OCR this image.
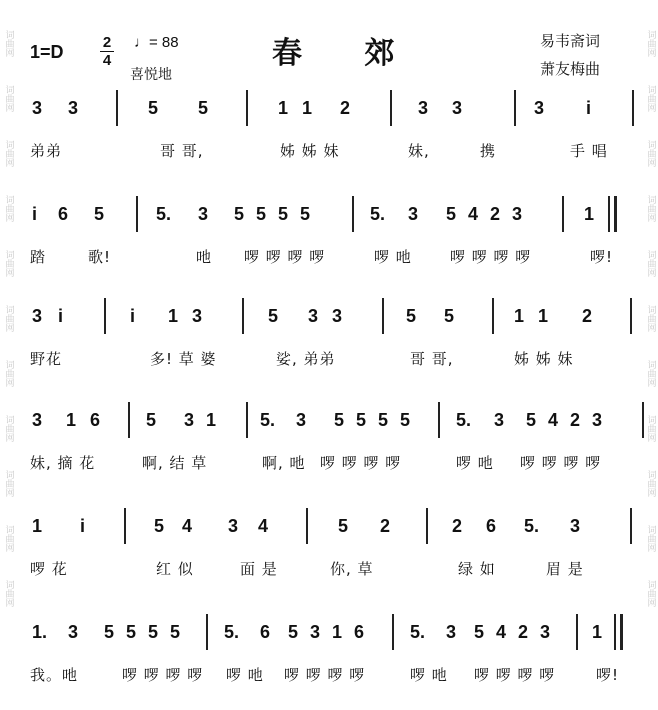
词曲网
词曲网
词曲网
词曲网
词曲网
词曲网
词曲网
词曲网
词曲网
词曲网
词曲网
词曲网
词曲网
词曲网
词曲网
词曲网
词曲网
词曲网
词曲网
词曲网
词曲网
词曲网
1=D	2
4
♩= 88
喜悦地
春 郊	易韦斋词
萧友梅曲
3 3	5 5	1 1 2	3 3	3 i
弟弟	哥 哥,	姊 姊 妹	妹,	携	手 唱
i 6 5	5. 3 5 5 5 5	5. 3 5 4 2 3	1
踏	歌!	吔 啰 啰 啰 啰	啰 吔	啰 啰 啰 啰	啰!
3 i	i 1 3	5 3 3	5 5	1 1 2
野花	多! 草 婆	娑, 弟弟	哥 哥,	姊 姊 妹
3 1 6	5 3 1 5. 3 5 5 5 5	5. 3 5 4 2 3
妹, 摘 花	啊, 结 草	啊, 吔 啰 啰 啰 啰	啰 吔 啰 啰 啰 啰
1 i	5 4 3 4	5 2	2 6 5. 3
啰 花	红 似	面 是	你, 草	绿 如	眉 是
1. 3 5 5 5 5 5. 6 5 3 1 6	5. 3 5 4 2 3 1
我。吔	啰 啰 啰 啰 啰 吔 啰 啰 啰 啰	啰 吔 啰 啰 啰 啰	啰!
